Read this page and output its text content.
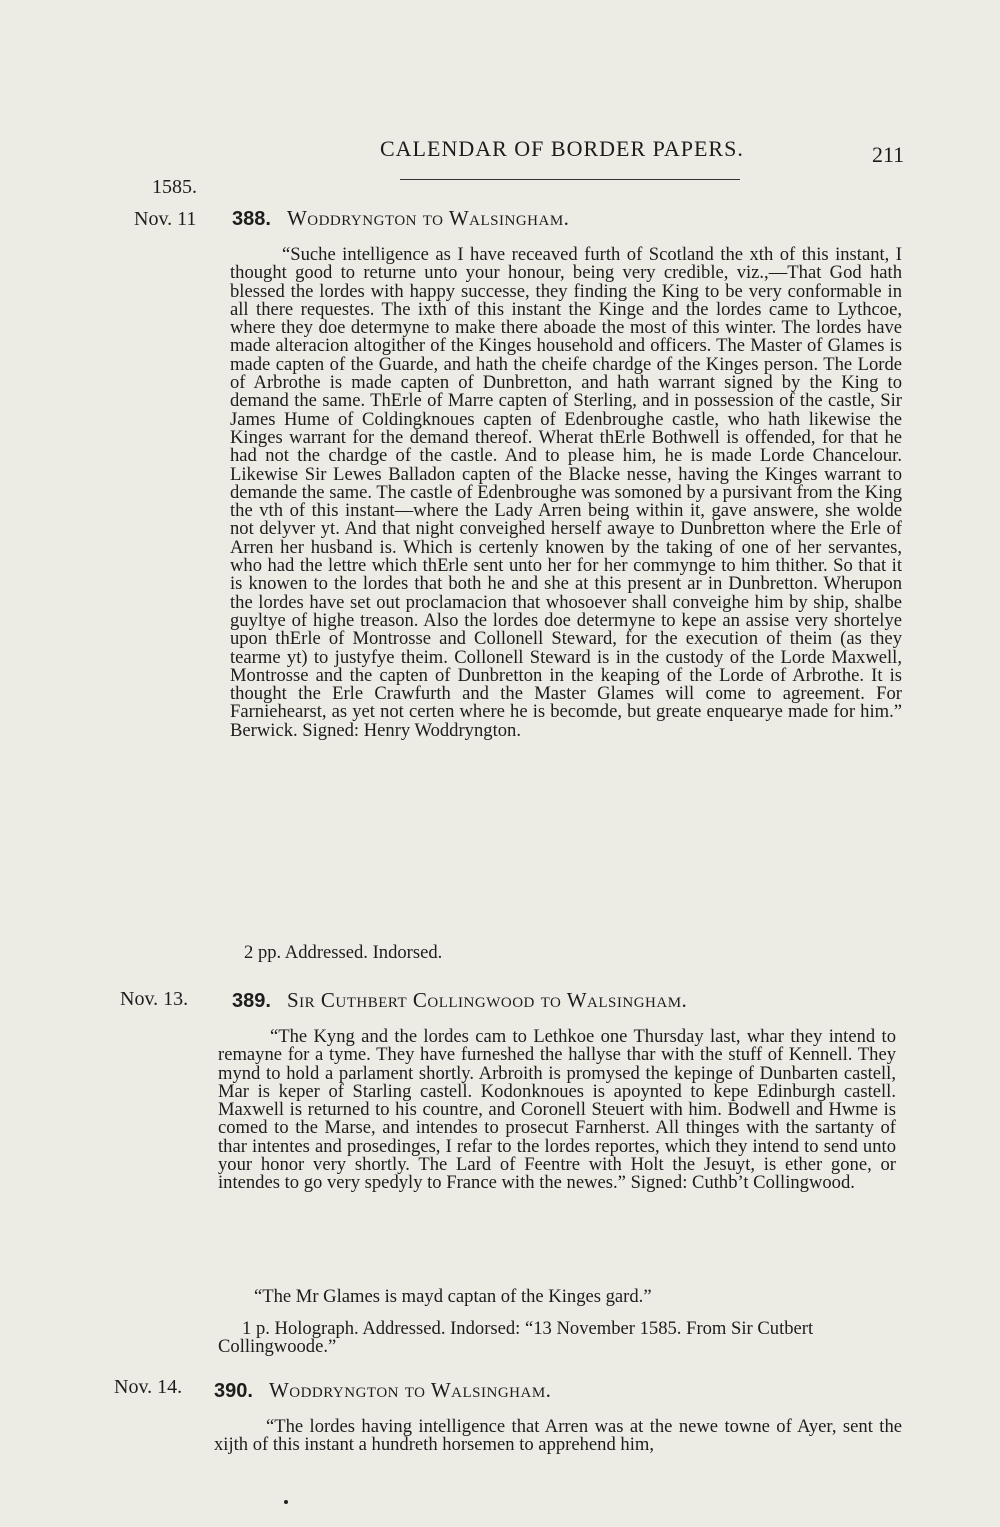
CALENDAR OF BORDER PAPERS.	211
1585.
Nov. 11 388. Woddryngton to Walsingham.

“Suche intelligence as I have receaved furth of Scotland the xth of this instant, I thought good to returne unto your honour, being very credible, viz.,—That God hath blessed the lordes with happy successe, they finding the King to be very conformable in all there requestes. The ixth of this instant the Kinge and the lordes came to Lythcoe, where they doe determyne to make there aboade the most of this winter. The lordes have made alteracion altogither of the Kinges household and officers. The Master of Glames is made capten of the Guarde, and hath the cheife chardge of the Kinges person. The Lorde of Arbrothe is made capten of Dunbretton, and hath warrant signed by the King to demand the same. ThErle of Marre capten of Sterling, and in possession of the castle, Sir James Hume of Coldingknoues capten of Edenbroughe castle, who hath likewise the Kinges warrant for the demand thereof. Wherat thErle Bothwell is offended, for that he had not the chardge of the castle. And to please him, he is made Lorde Chancelour. Likewise Sir Lewes Balladon capten of the Blacke nesse, having the Kinges warrant to demande the same. The castle of Edenbroughe was somoned by a pursivant from the King the vth of this instant—where the Lady Arren being within it, gave answere, she wolde not delyver yt. And that night conveighed herself awaye to Dunbretton where the Erle of Arren her husband is. Which is certenly knowen by the taking of one of her servantes, who had the lettre which thErle sent unto her for her commynge to him thither. So that it is knowen to the lordes that both he and she at this present ar in Dunbretton. Wherupon the lordes have set out proclamacion that whosoever shall conveighe him by ship, shalbe guyltye of highe treason. Also the lordes doe determyne to kepe an assise very shortelye upon thErle of Montrosse and Collonell Steward, for the execution of theim (as they tearme yt) to justyfye theim. Collonell Steward is in the custody of the Lorde Maxwell, Montrosse and the capten of Dunbretton in the keaping of the Lorde of Arbrothe. It is thought the Erle Crawfurth and the Master Glames will come to agreement. For Farniehearst, as yet not certen where he is becomde, but greate enquearye made for him.” Berwick. Signed: Henry Woddryngton.

2 pp. Addressed. Indorsed.
Nov. 13. 389. Sir Cuthbert Collingwood to Walsingham.

“The Kyng and the lordes cam to Lethkoe one Thursday last, whar they intend to remayne for a tyme. They have furneshed the hallyse thar with the stuff of Kennell. They mynd to hold a parlament shortly. Arbroith is promysed the kepinge of Dunbarten castell, Mar is keper of Starling castell. Kodonknoues is apoynted to kepe Edinburgh castell. Maxwell is returned to his countre, and Coronell Steuert with him. Bodwell and Hwme is comed to the Marse, and intendes to prosecut Farnherst. All thinges with the sartanty of thar intentes and prosedinges, I refar to the lordes reportes, which they intend to send unto your honor very shortly. The Lard of Feentre with Holt the Jesuyt, is ether gone, or intendes to go very spedyly to France with the newes.” Signed: Cuthb’t Collingwood.

“The Mr Glames is mayd captan of the Kinges gard.”
1 p. Holograph. Addressed. Indorsed: “13 November 1585. From Sir Cutbert Collingwoode.”
Nov. 14. 390. Woddryngton to Walsingham.

“The lordes having intelligence that Arren was at the newe towne of Ayer, sent the xijth of this instant a hundreth horsemen to apprehend him,
